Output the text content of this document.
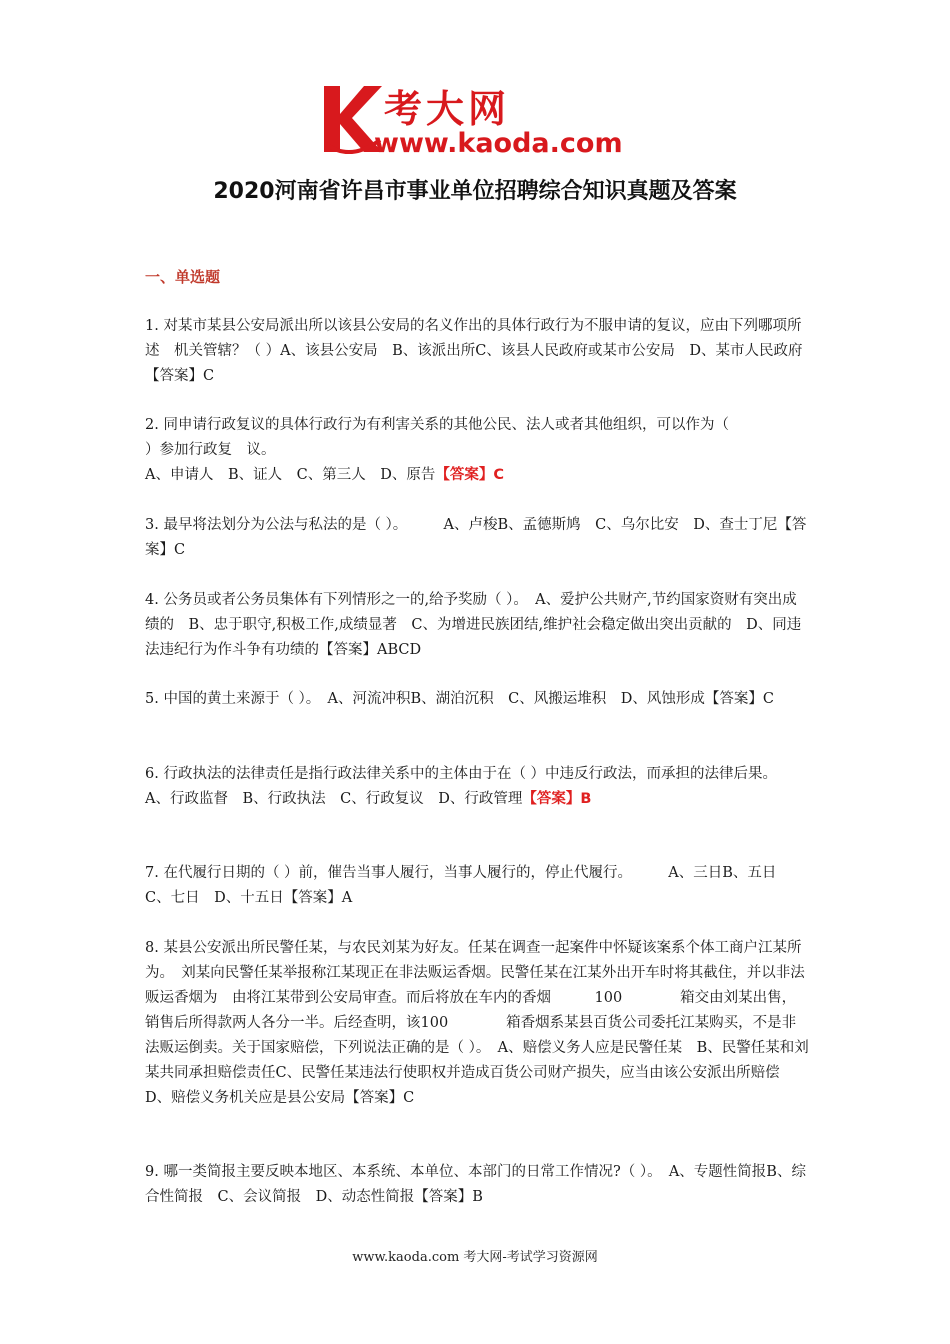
考大网
www.kaoda.com
2020河南省许昌市事业单位招聘综合知识真题及答案
一、单选题

1. 对某市某县公安局派出所以该县公安局的名义作出的具体行政行为不服申请的复议，应由下列哪项所述　机关管辖？（ ）A、该县公安局　B、该派出所C、该县人民政府或某市公安局　D、某市人民政府【答案】C

2. 同申请行政复议的具体行政行为有利害关系的其他公民、法人或者其他组织，可以作为（　　　　　　　）参加行政复　议。

A、申请人　B、证人　C、第三人　D、原告【答案】C

3. 最早将法划分为公法与私法的是（ ）。　　　A、卢梭B、孟德斯鸠　C、乌尔比安　D、查士丁尼【答案】C

4. 公务员或者公务员集体有下列情形之一的,给予奖励（ ）。　A、爱护公共财产,节约国家资财有突出成绩的　B、忠于职守,积极工作,成绩显著　C、为增进民族团结,维护社会稳定做出突出贡献的　D、同违法违纪行为作斗争有功绩的【答案】ABCD

5. 中国的黄土来源于（ ）。　A、河流冲积B、湖泊沉积　C、风搬运堆积　D、风蚀形成【答案】C

6. 行政执法的法律责任是指行政法律关系中的主体由于在（ ）中违反行政法，而承担的法律后果。

A、行政监督　B、行政执法　C、行政复议　D、行政管理【答案】B

7. 在代履行日期的（ ）前，催告当事人履行，当事人履行的，停止代履行。　　　A、三日B、五日　C、七日　D、十五日【答案】A

8. 某县公安派出所民警任某，与农民刘某为好友。任某在调查一起案件中怀疑该案系个体工商户江某所为。　刘某向民警任某举报称江某现正在非法贩运香烟。民警任某在江某外出开车时将其截住，并以非法贩运香烟为　由将江某带到公安局审查。而后将放在车内的香烟　　　100　　　　箱交由刘某出售，销售后所得款两人各分一半。后经查明，该100　　　　箱香烟系某县百货公司委托江某购买，不是非法贩运倒卖。关于国家赔偿，下列说法正确的是（ ）。　A、赔偿义务人应是民警任某　B、民警任某和刘某共同承担赔偿责任C、民警任某违法行使职权并造成百货公司财产损失，应当由该公安派出所赔偿　D、赔偿义务机关应是县公安局【答案】C

9. 哪一类简报主要反映本地区、本系统、本单位、本部门的日常工作情况?（ ）。　A、专题性简报B、综合性简报　C、会议简报　D、动态性简报【答案】B

www.kaoda.com 考大网-考试学习资源网
